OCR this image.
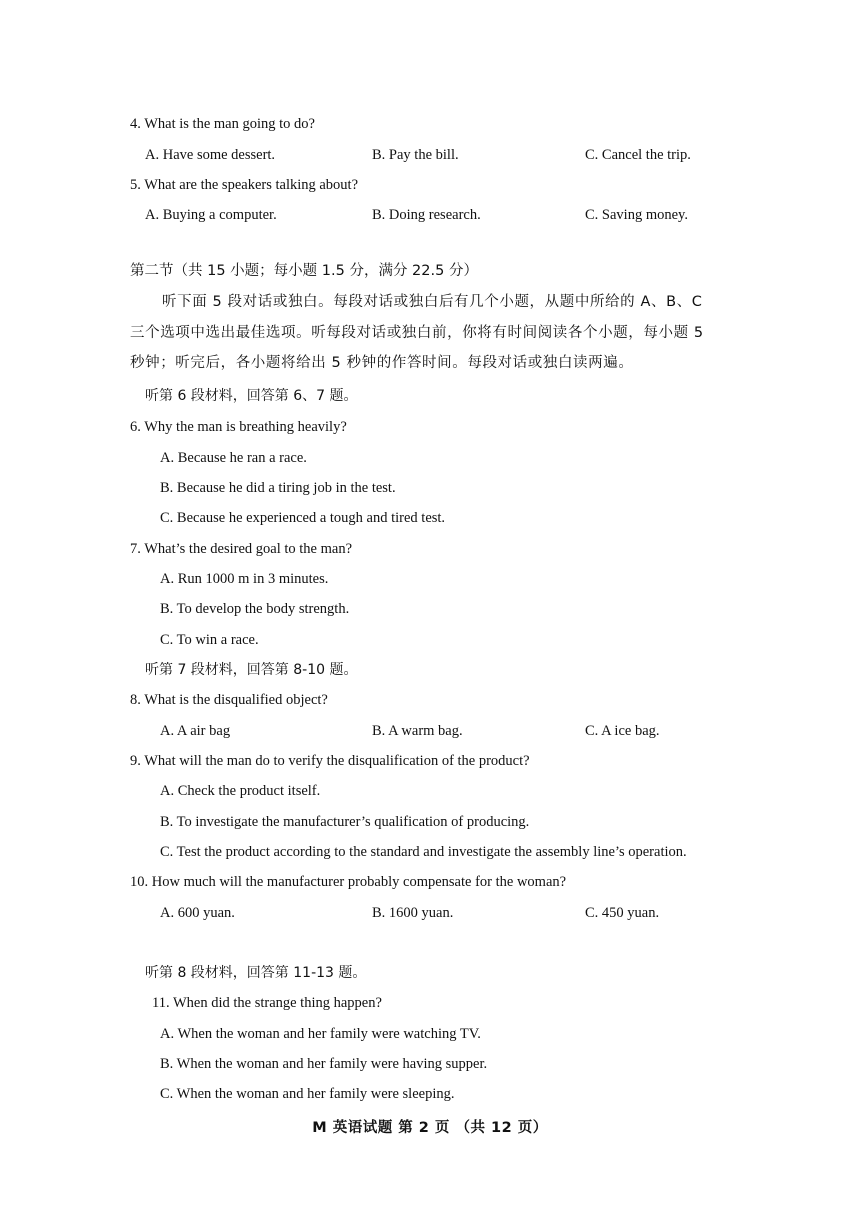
4. What is the man going to do?
A. Have some dessert.	B. Pay the bill.	C. Cancel the trip.
5. What are the speakers talking about?
A. Buying a computer.	B. Doing research.	C. Saving money.
第二节（共 15 小题；每小题 1.5 分，满分 22.5 分）
听下面 5 段对话或独白。每段对话或独白后有几个小题，从题中所给的 A、B、C
三个选项中选出最佳选项。听每段对话或独白前，你将有时间阅读各个小题，每小题 5
秒钟；听完后，各小题将给出 5 秒钟的作答时间。每段对话或独白读两遍。
听第 6 段材料，回答第 6、7 题。
6. Why the man is breathing heavily?
A. Because he ran a race.
B. Because he did a tiring job in the test.
C. Because he experienced a tough and tired test.
7. What’s the desired goal to the man?
A. Run 1000 m in 3 minutes.
B. To develop the body strength.
C. To win a race.
听第 7 段材料，回答第 8-10 题。
8. What is the disqualified object?
A. A air bag	B. A warm bag.	C. A ice bag.
9. What will the man do to verify the disqualification of the product?
A. Check the product itself.
B. To investigate the manufacturer’s qualification of producing.
C. Test the product according to the standard and investigate the assembly line’s operation.
10. How much will the manufacturer probably compensate for the woman?
A. 600 yuan.	B. 1600 yuan.	C. 450 yuan.
听第 8 段材料，回答第 11-13 题。
11. When did the strange thing happen?
A. When the woman and her family were watching TV.
B. When the woman and her family were having supper.
C. When the woman and her family were sleeping.
M 英语试题 第 2 页 （共 12 页）
